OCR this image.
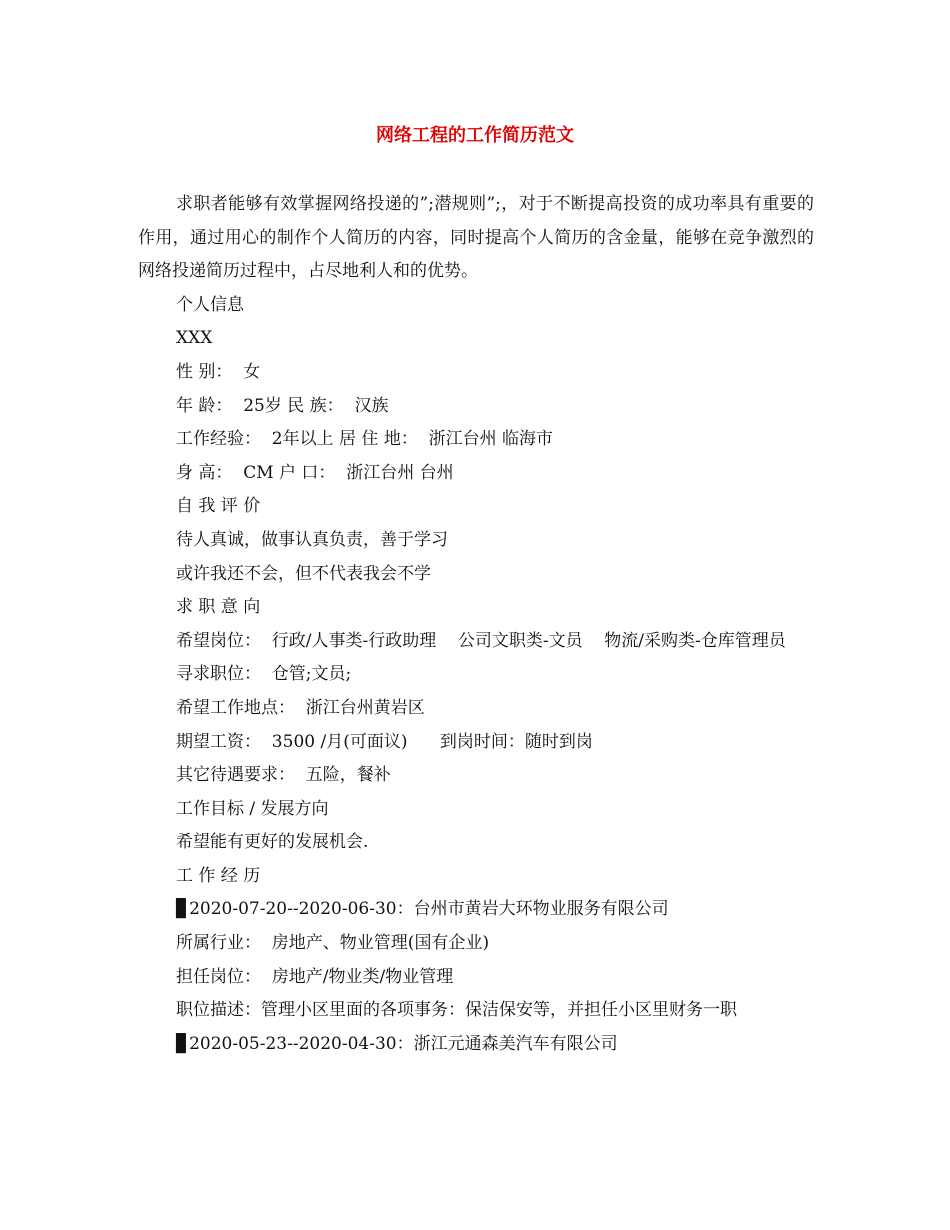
网络工程的工作简历范文

求职者能够有效掌握网络投递的”;潜规则”;，对于不断提高投资的成功率具有重要的作用，通过用心的制作个人简历的内容，同时提高个人简历的含金量，能够在竞争激烈的网络投递简历过程中，占尽地利人和的优势。

个人信息

XXX

性 别：  女

年 龄：  25岁 民 族：  汉族

工作经验：  2年以上 居 住 地：  浙江台州 临海市

身 高：  CM 户 口：  浙江台州 台州

自 我 评 价

待人真诚，做事认真负责，善于学习

或许我还不会，但不代表我会不学

求 职 意 向

希望岗位：  行政/人事类-行政助理    公司文职类-文员    物流/采购类-仓库管理员

寻求职位：  仓管;文员;

希望工作地点：  浙江台州黄岩区

期望工资：  3500 /月(可面议)      到岗时间：随时到岗

其它待遇要求：  五险，餐补

工作目标 / 发展方向

希望能有更好的发展机会.

工 作 经 历

▊2020-07-20--2020-06-30：台州市黄岩大环物业服务有限公司

所属行业：  房地产、物业管理(国有企业)

担任岗位：  房地产/物业类/物业管理

职位描述：管理小区里面的各项事务：保洁保安等，并担任小区里财务一职

▊2020-05-23--2020-04-30：浙江元通森美汽车有限公司
